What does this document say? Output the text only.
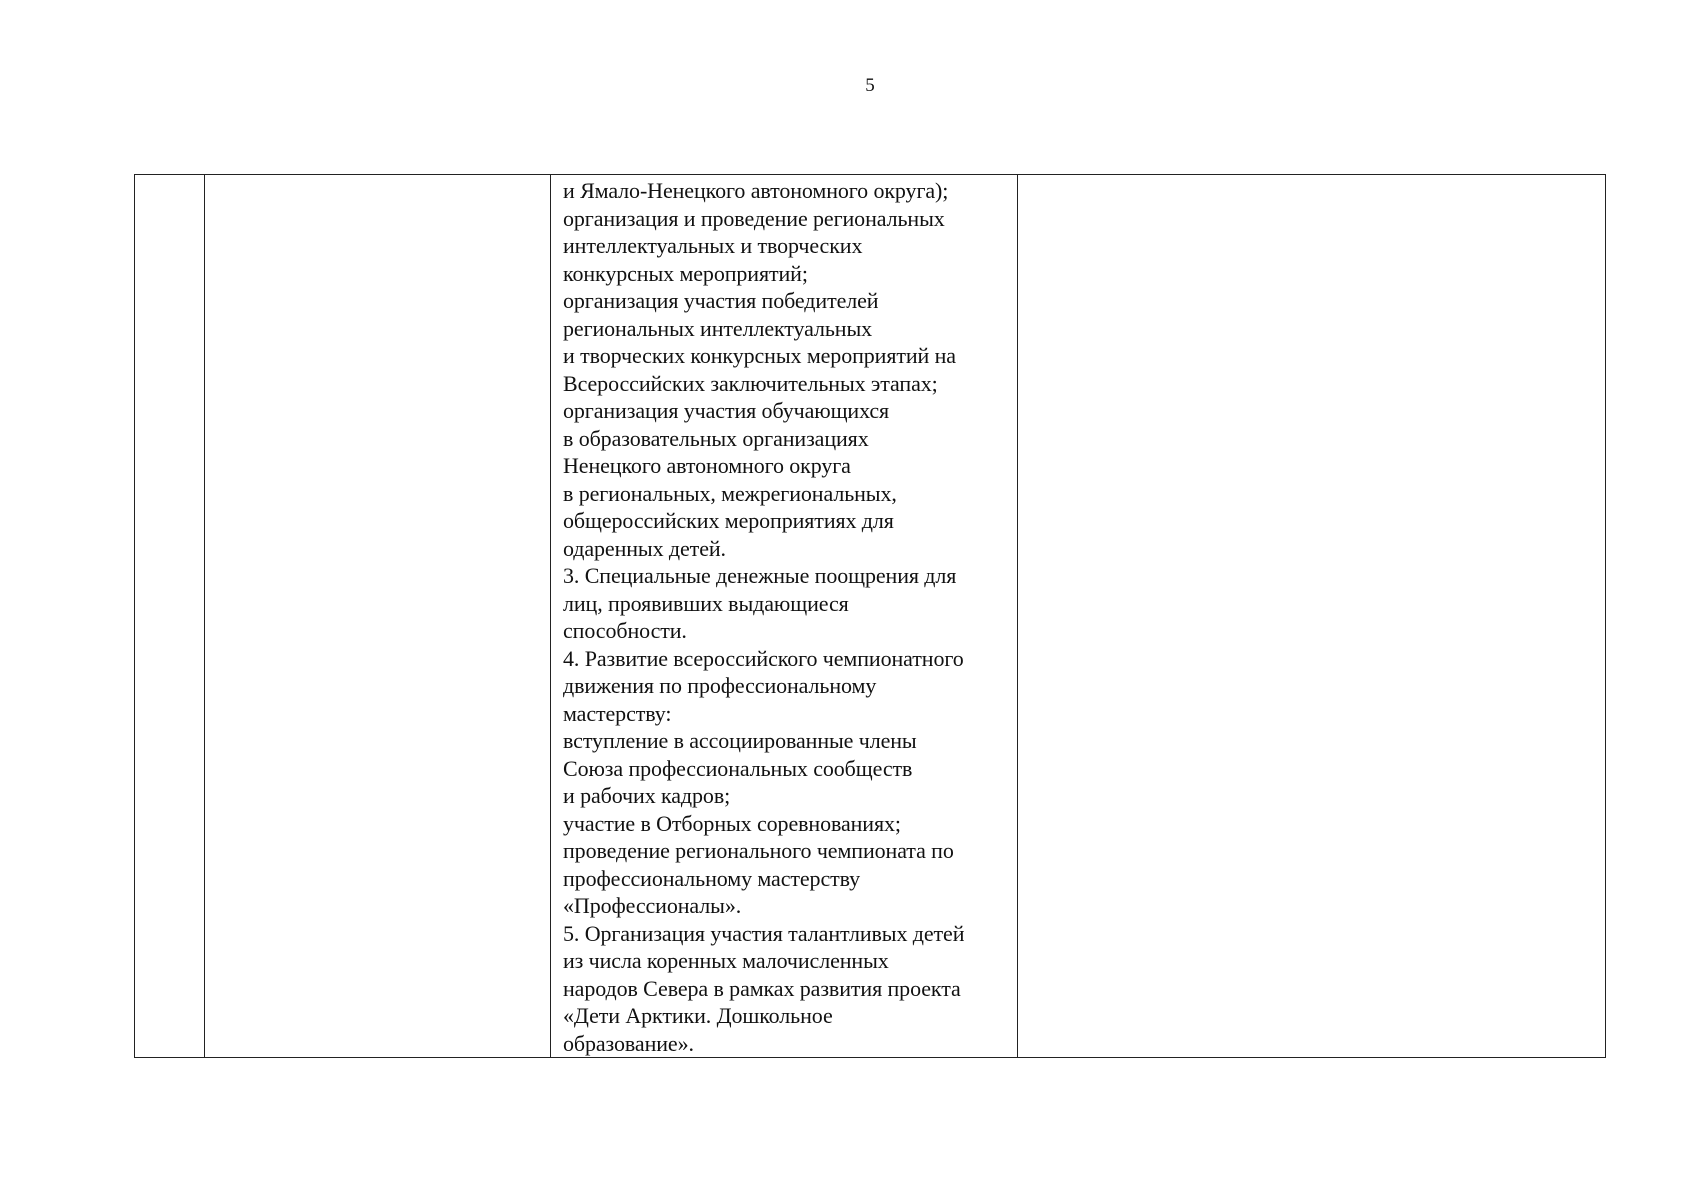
5

и Ямало-Ненецкого автономного округа);
организация и проведение региональных
интеллектуальных и творческих
конкурсных мероприятий;
организация участия победителей
региональных интеллектуальных
и творческих конкурсных мероприятий на
Всероссийских заключительных этапах;
организация участия обучающихся
в образовательных организациях
Ненецкого автономного округа
в региональных, межрегиональных,
общероссийских мероприятиях для
одаренных детей.
3. Специальные денежные поощрения для
лиц, проявивших выдающиеся
способности.
4. Развитие всероссийского чемпионатного
движения по профессиональному
мастерству:
вступление в ассоциированные члены
Союза профессиональных сообществ
и рабочих кадров;
участие в Отборных соревнованиях;
проведение регионального чемпионата по
профессиональному мастерству
«Профессионалы».
5. Организация участия талантливых детей
из числа коренных малочисленных
народов Севера в рамках развития проекта
«Дети Арктики. Дошкольное
образование».
